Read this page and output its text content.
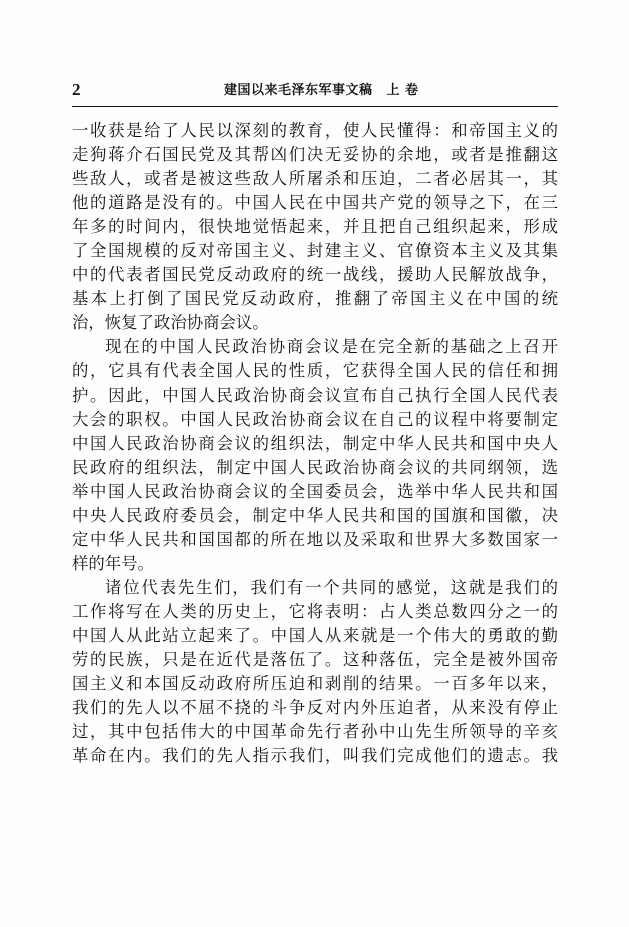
2	建国以来毛泽东军事文稿 上 卷
一收获是给了人民以深刻的教育，使人民懂得：和帝国主义的
走狗蒋介石国民党及其帮凶们决无妥协的余地，或者是推翻这
些敌人，或者是被这些敌人所屠杀和压迫，二者必居其一，其
他的道路是没有的。中国人民在中国共产党的领导之下，在三
年多的时间内，很快地觉悟起来，并且把自己组织起来，形成
了全国规模的反对帝国主义、封建主义、官僚资本主义及其集
中的代表者国民党反动政府的统一战线，援助人民解放战争，
基本上打倒了国民党反动政府，推翻了帝国主义在中国的统
治，恢复了政治协商会议。
现在的中国人民政治协商会议是在完全新的基础之上召开
的，它具有代表全国人民的性质，它获得全国人民的信任和拥
护。因此，中国人民政治协商会议宣布自己执行全国人民代表
大会的职权。中国人民政治协商会议在自己的议程中将要制定
中国人民政治协商会议的组织法，制定中华人民共和国中央人
民政府的组织法，制定中国人民政治协商会议的共同纲领，选
举中国人民政治协商会议的全国委员会，选举中华人民共和国
中央人民政府委员会，制定中华人民共和国的国旗和国徽，决
定中华人民共和国国都的所在地以及采取和世界大多数国家一
样的年号。
诸位代表先生们，我们有一个共同的感觉，这就是我们的
工作将写在人类的历史上，它将表明：占人类总数四分之一的
中国人从此站立起来了。中国人从来就是一个伟大的勇敢的勤
劳的民族，只是在近代是落伍了。这种落伍，完全是被外国帝
国主义和本国反动政府所压迫和剥削的结果。一百多年以来，
我们的先人以不屈不挠的斗争反对内外压迫者，从来没有停止
过，其中包括伟大的中国革命先行者孙中山先生所领导的辛亥
革命在内。我们的先人指示我们，叫我们完成他们的遗志。我
